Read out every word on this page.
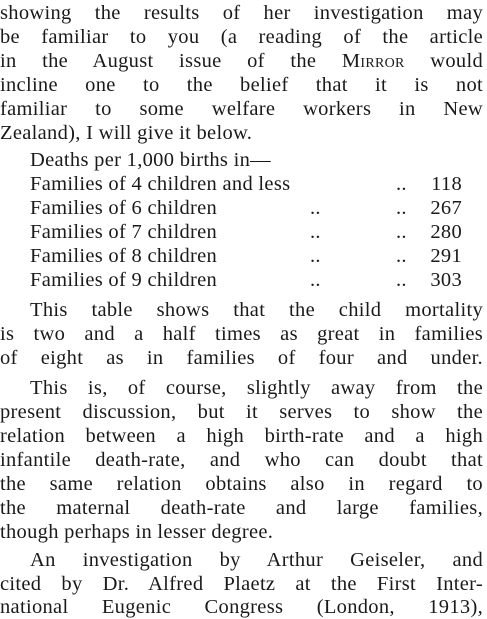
showing the results of her investigation may
be familiar to you (a reading of the article
in the August issue of the Mirror would
incline one to the belief that it is not
familiar to some welfare workers in New
Zealand), I will give it below.
Deaths per 1,000 births in—
Families of 4 children and less	.. 118
Families of 6 children	..	.. 267
Families of 7 children	..	.. 280
Families of 8 children	..	.. 291
Families of 9 children	..	.. 303
This table shows that the child mortality
is two and a half times as great in families
of eight as in families of four and under.
This is, of course, slightly away from the
present discussion, but it serves to show the
relation between a high birth-rate and a high
infantile death-rate, and who can doubt that
the same relation obtains also in regard to
the maternal death-rate and large families,
though perhaps in lesser degree.
An investigation by Arthur Geiseler, and
cited by Dr. Alfred Plaetz at the First Inter-
national Eugenic Congress (London, 1913),
